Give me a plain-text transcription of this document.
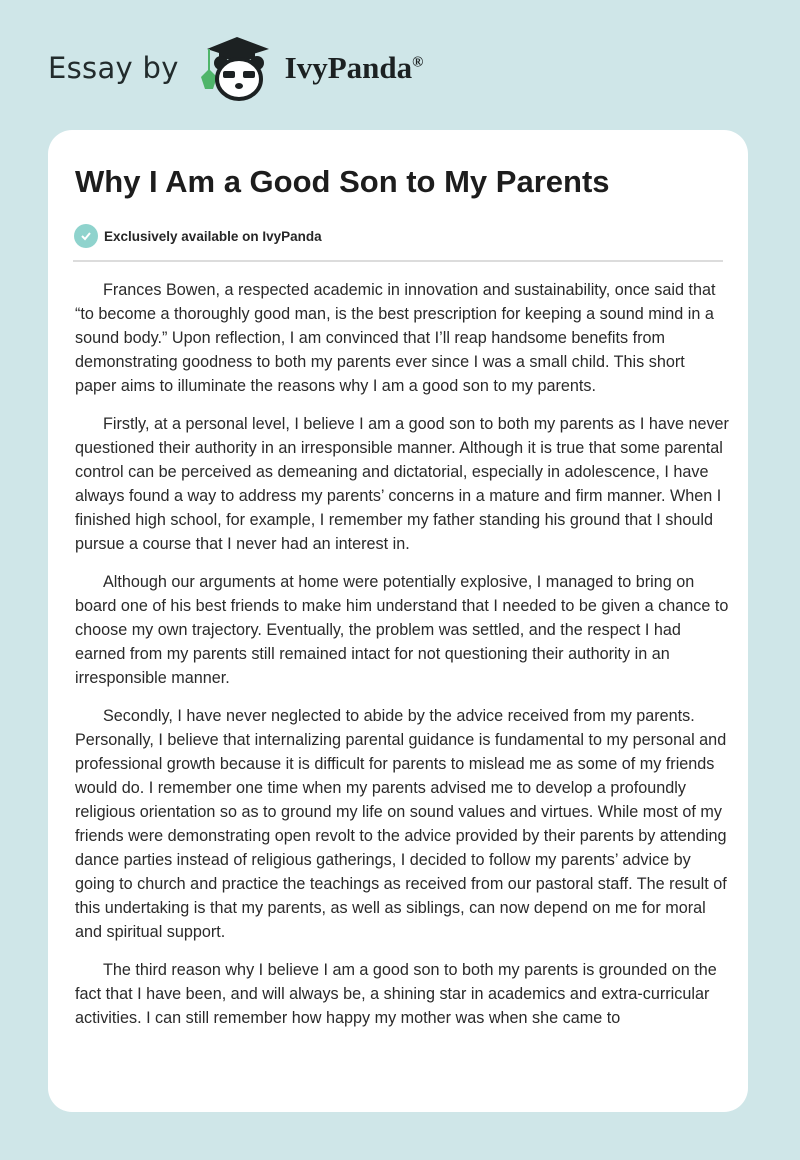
Essay by	IvyPanda®
Why I Am a Good Son to My Parents
Exclusively available on IvyPanda

Frances Bowen, a respected academic in innovation and sustainability, once said that “to become a thoroughly good man, is the best prescription for keeping a sound mind in a sound body.” Upon reflection, I am convinced that I’ll reap handsome benefits from demonstrating goodness to both my parents ever since I was a small child. This short paper aims to illuminate the reasons why I am a good son to my parents.

Firstly, at a personal level, I believe I am a good son to both my parents as I have never questioned their authority in an irresponsible manner. Although it is true that some parental control can be perceived as demeaning and dictatorial, especially in adolescence, I have always found a way to address my parents’ concerns in a mature and firm manner. When I finished high school, for example, I remember my father standing his ground that I should pursue a course that I never had an interest in.

Although our arguments at home were potentially explosive, I managed to bring on board one of his best friends to make him understand that I needed to be given a chance to choose my own trajectory. Eventually, the problem was settled, and the respect I had earned from my parents still remained intact for not questioning their authority in an irresponsible manner.

Secondly, I have never neglected to abide by the advice received from my parents. Personally, I believe that internalizing parental guidance is fundamental to my personal and professional growth because it is difficult for parents to mislead me as some of my friends would do. I remember one time when my parents advised me to develop a profoundly religious orientation so as to ground my life on sound values and virtues. While most of my friends were demonstrating open revolt to the advice provided by their parents by attending dance parties instead of religious gatherings, I decided to follow my parents’ advice by going to church and practice the teachings as received from our pastoral staff. The result of this undertaking is that my parents, as well as siblings, can now depend on me for moral and spiritual support.

The third reason why I believe I am a good son to both my parents is grounded on the fact that I have been, and will always be, a shining star in academics and extra-curricular activities. I can still remember how happy my mother was when she came to
